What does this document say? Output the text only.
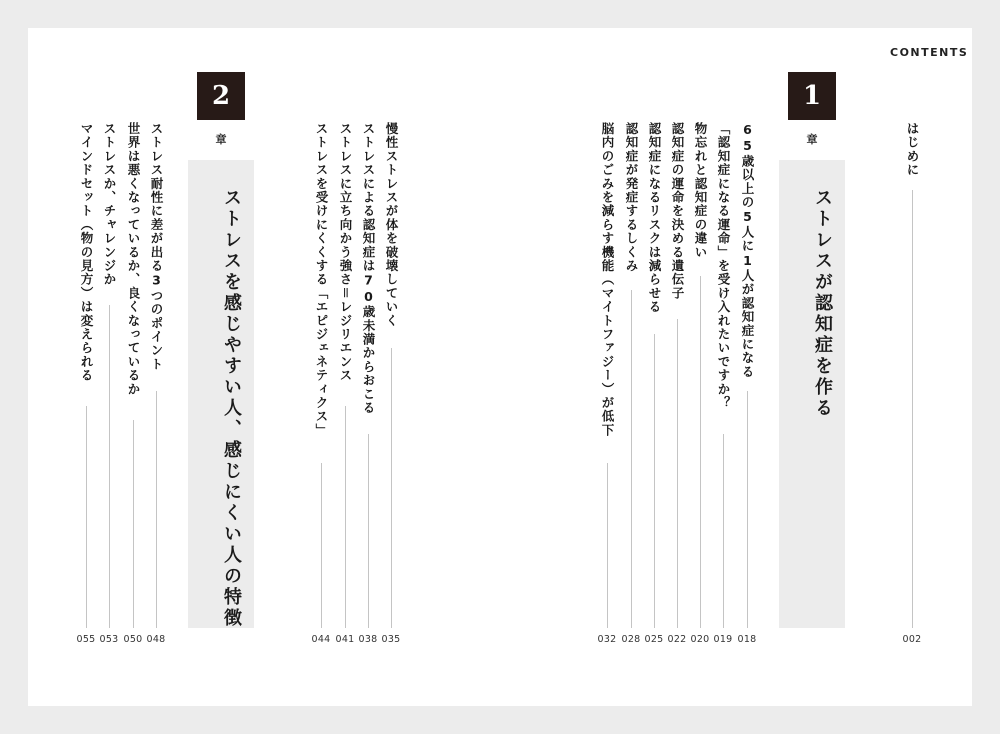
CONTENTS
はじめに
002
1
章
ストレスが認知症を作る
65歳以上の5人に1人が認知症になる
018
「認知症になる運命」を受け入れたいですか？
019
物忘れと認知症の違い
020
認知症の運命を決める遺伝子
022
認知症になるリスクは減らせる
025
認知症が発症するしくみ
028
脳内のごみを減らす機能（マイトファジー）が低下
032
2
章
ストレスを感じやすい人、感じにくい人の特徴	慢性ストレスが体を破壊していく
035
ストレスによる認知症は70歳未満からおこる
038
ストレスに立ち向かう強さ＝レジリエンス
041
ストレスを受けにくくする「エピジェネティクス」
044
ストレス耐性に差が出る3つのポイント
048
世界は悪くなっているか、良くなっているか
050
ストレスか、チャレンジか
053
マインドセット（物の見方）は変えられる
055
